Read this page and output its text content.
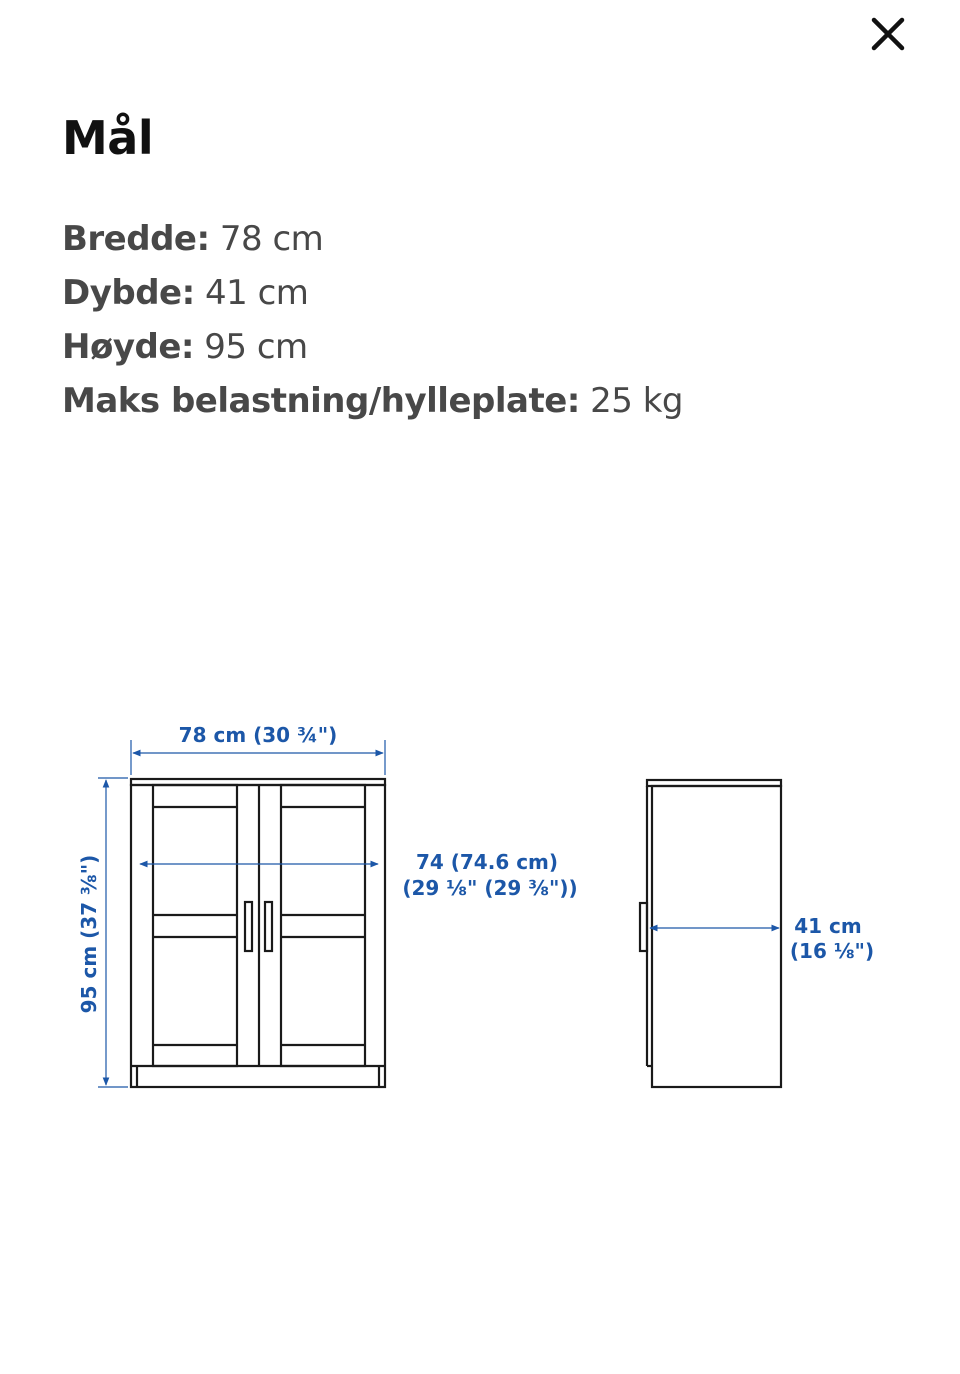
Mål
Bredde: 78 cm
Dybde: 41 cm
Høyde: 95 cm
Maks belastning/hylleplate: 25 kg
78 cm (30 ¾")
95 cm (37 ⅜")	74 (74.6 cm)
(29 ⅛" (29 ⅜"))
41 cm
(16 ⅛")
